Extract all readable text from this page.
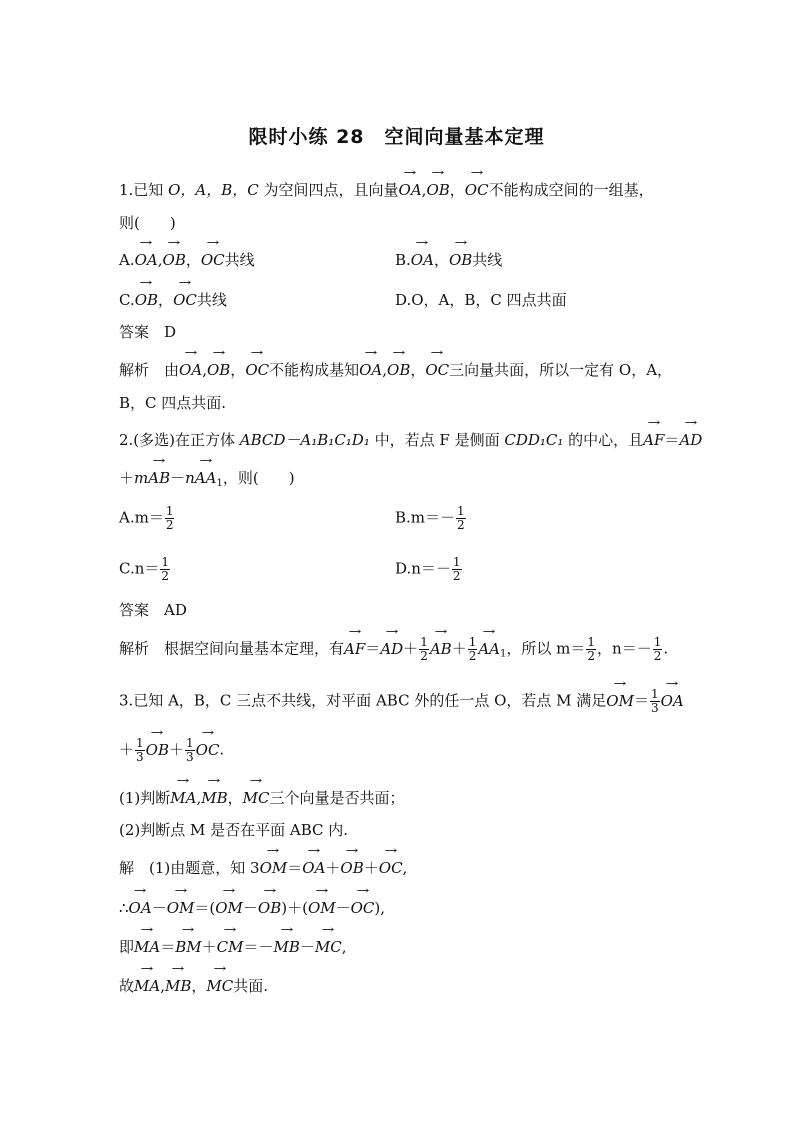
限时小练 28　空间向量基本定理
1.已知 O，A，B，C 为空间四点，且向量→ OA,→ OB，→ OC不能构成空间的一组基，
则(　　)
A.→ OA,→ OB，→ OC共线	B.→ OA，→ OB共线
C.→ OB，→ OC共线	D.O，A，B，C 四点共面
答案　 D
解析　 由→ OA,→ OB，→ OC不能构成基知→ OA,→ OB，→ OC三向量共面，所以一定有 O，A，
B，C 四点共面.
2.(多选)在正方体 ABCD－A₁B₁C₁D₁ 中，若点 F 是侧面 CDD₁C₁ 的中心，且→ AF＝→ AD
$+m\to AB-n\to AA_1$，则(　　)
$A.m= \frac{1}{2}$	$B.m=- \frac{1}{2}$
$C.n= \frac{1}{2}$	$D.n=- \frac{1}{2}$
答案　 AD
解析　 根据空间向量基本定理，有→ $AF=\to AD+ \frac{1}{2}$
→ $AB+ \frac{1}{2}$
→ $AA_1$，所以 $m= \frac{1}{2}$ ，$n=- \frac{1}{2}$ .
3.已知 A，B，C 三点不共线，对平面 ABC 外的任一点 O，若点 M 满足→ $OM= \frac{1}{3}$
→ OA
＋ $\frac{1}{3}$
→ $OB+ \frac{1}{3}$
→ OC.
(1)判断→ MA,→ MB，→ MC三个向量是否共面；
(2)判断点 M 是否在平面 ABC 内.
解　 (1)由题意，知 3→ OM＝→ OA＋→ OB＋→ OC,
∴→ OA－→ OM＝(→ OM－→ OB)＋(→ OM－→ OC),
即→ MA＝→ BM＋→ CM＝－→ MB－→ MC,
故→ MA,→ MB，→ MC共面.
